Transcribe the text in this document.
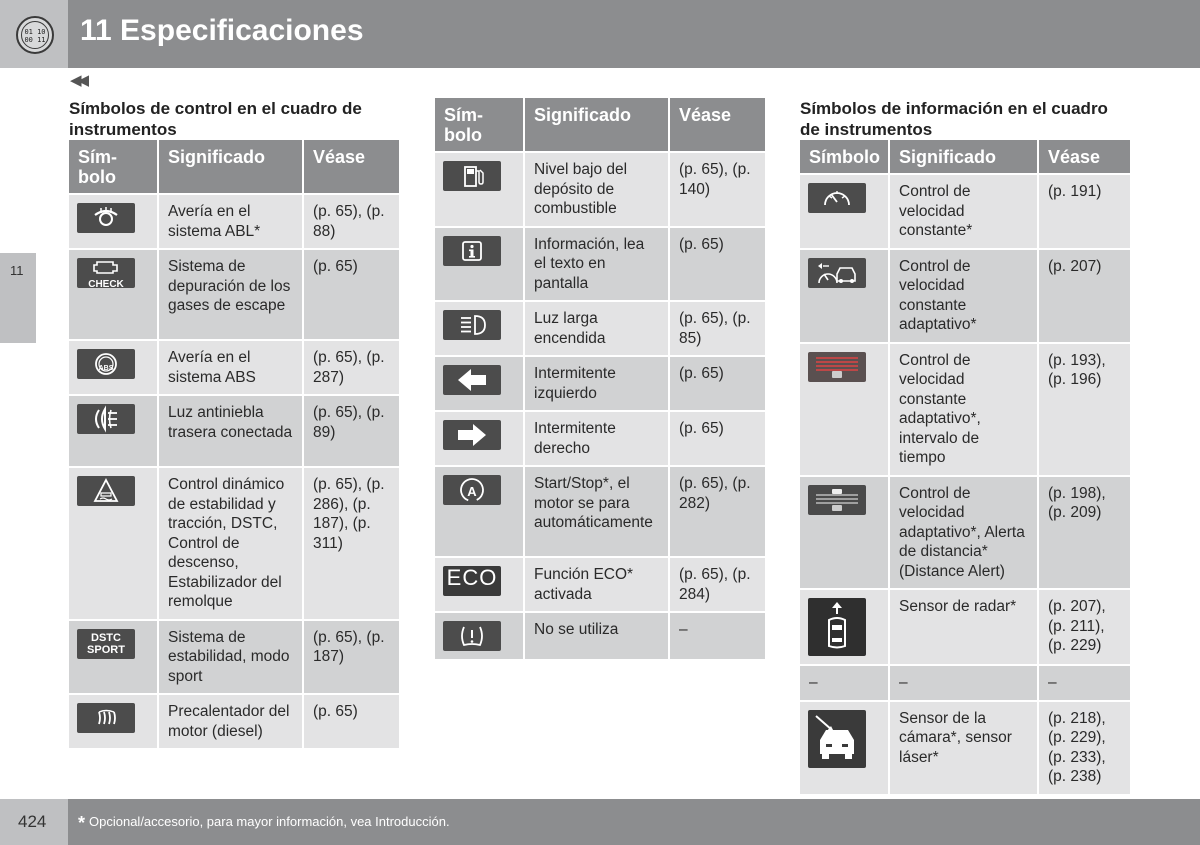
01 10 00 11 11 Especificaciones
11
◀◀
Símbolos de control en el cuadro de instrumentos
Símbolos de información en el cuadro de instrumentos
Sím-
bolo	Significado	Véase

	Avería en el sistema ABL*	(p. 65), (p. 88)

CHECK	Sistema de depuración de los gases de escape	(p. 65)

ABS	Avería en el sistema ABS	(p. 65), (p. 287)

	Luz antiniebla trasera conectada	(p. 65), (p. 89)

	Control dinámico de estabilidad y tracción, DSTC, Control de descenso, Estabilizador del remolque	(p. 65), (p. 286), (p. 187), (p. 311)

DSTC
SPORT	Sistema de estabilidad, modo sport	(p. 65), (p. 187)

	Precalentador del motor (diesel)	(p. 65)
Sím-
bolo	Significado	Véase

	Nivel bajo del depósito de combustible	(p. 65), (p. 140)

	Información, lea el texto en pantalla	(p. 65)

	Luz larga encendida	(p. 65), (p. 85)

	Intermitente izquierdo	(p. 65)

	Intermitente derecho	(p. 65)

A	Start/Stop*, el motor se para automáticamente	(p. 65), (p. 282)

ECO	Función ECO* activada	(p. 65), (p. 284)

	No se utiliza	–
Símbolo	Significado	Véase

	Control de velocidad constante*	(p. 191)

	Control de velocidad constante adaptativo*	(p. 207)

	Control de velocidad constante adaptativo*, intervalo de tiempo	(p. 193), (p. 196)

	Control de velocidad adaptativo*, Alerta de distancia* (Distance Alert)	(p. 198), (p. 209)

	Sensor de radar*	(p. 207), (p. 211), (p. 229)
–	–	–

	Sensor de la cámara*, sensor láser*	(p. 218), (p. 229), (p. 233), (p. 238)
424 * Opcional/accesorio, para mayor información, vea Introducción.
